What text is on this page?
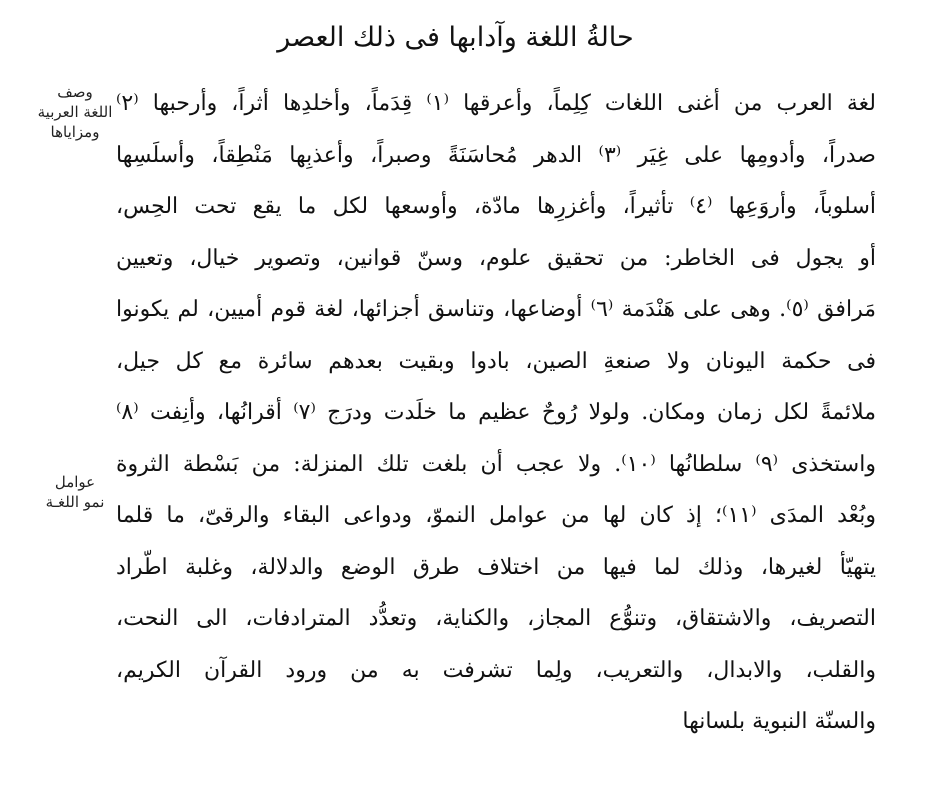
حالةُ اللغة وآدابها فى ذلك العصر
وصف
اللغة العربية
ومزاياها
عوامل
نمو اللغـة
لغة العرب من أغنى اللغات كِلِماً، وأعرقها ⁽١⁾ قِدَماً، وأخلدِها أثراً، وأرحبها ⁽٢⁾
صدراً، وأدومِها على غِيَر ⁽٣⁾ الدهر مُحاسَنَةً وصبراً، وأعذبِها مَنْطِقاً، وأسلَسِها
أسلوباً، وأروَعِها ⁽٤⁾ تأثيراً، وأغزرِها مادّة، وأوسعها لكل ما يقع تحت الحِس،
أو يجول فى الخاطر: من تحقيق علوم، وسنّ قوانين، وتصوير خيال، وتعيين
مَرافق ⁽٥⁾. وهى على هَنْدَمة ⁽٦⁾ أوضاعها، وتناسق أجزائها، لغة قوم أميين، لم يكونوا
فى حكمة اليونان ولا صنعةِ الصين، بادوا وبقيت بعدهم سائرة مع كل جيل،
ملائمةً لكل زمان ومكان. ولولا رُوحٌ عظيم ما خلَدت ودرَج ⁽٧⁾ أقرانُها، وأنِفت ⁽٨⁾
واستخذى ⁽٩⁾ سلطانُها ⁽١٠⁾. ولا عجب أن بلغت تلك المنزلة: من بَسْطة الثروة
وبُعْد المدَى ⁽١١⁾؛ إذ كان لها من عوامل النموّ، ودواعى البقاء والرقىّ، ما قلما
يتهيّأ لغيرها، وذلك لما فيها من اختلاف طرق الوضع والدلالة، وغلبة اطّراد
التصريف، والاشتقاق، وتنوُّع المجاز، والكناية، وتعدُّد المترادفات، الى النحت،
والقلب، والابدال، والتعريب، ولِما تشرفت به من ورود القرآن الكريم،
والسنّة النبوية بلسانها
